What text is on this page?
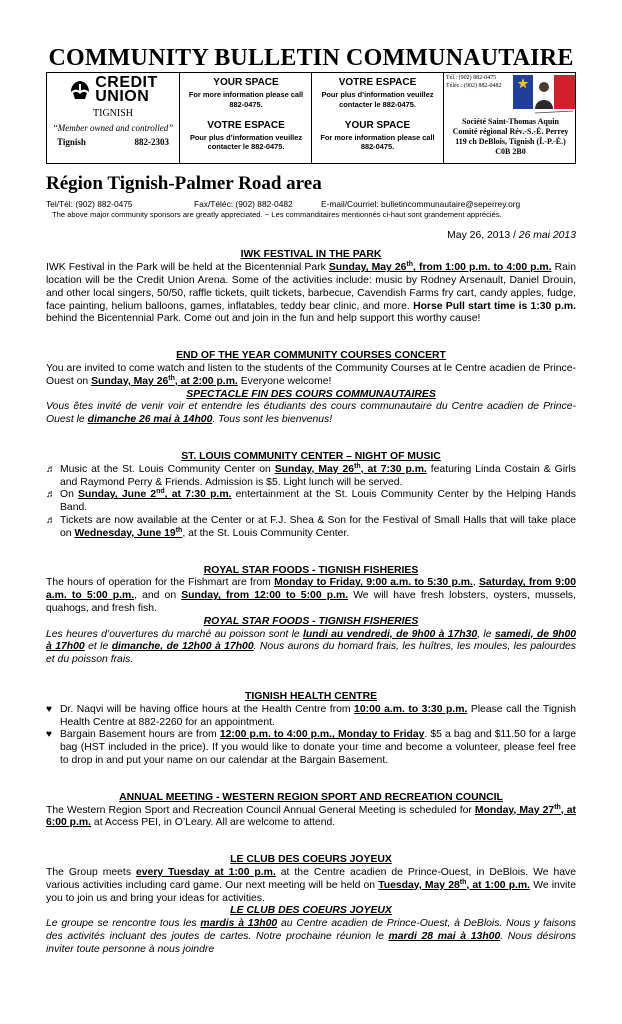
COMMUNITY BULLETIN COMMUNAUTAIRE
CREDIT
UNION
TIGNISH
“Member owned and controlled”
Tignish	882-2303
YOUR SPACE
For more information please call 882-0475.
VOTRE ESPACE
Pour plus d’information veuillez contacter le 882-0475.
VOTRE ESPACE
Pour plus d’information veuillez contacter le 882-0475.
YOUR SPACE
For more information please call 882-0475.
Tél.: (902) 882-0475
Téléc.: (902) 882-0482
Société Saint-Thomas Aquin
Comité régional Rév.-S.-É. Perrey
119 ch DeBlois, Tignish (Î.-P.-É.)
C0B 2B0
Région Tignish-Palmer Road area
Tel/Tél: (902) 882-0475	Fax/Téléc: (902) 882-0482	E-mail/Courriel: bulletincommunautaire@seperrey.org
The above major community sponsors are greatly appreciated. ~ Les commanditaires mentionnés ci-haut sont grandement appréciés.
May 26, 2013 / 26 mai 2013
IWK FESTIVAL IN THE PARK

IWK Festival in the Park will be held at the Bicentennial Park Sunday, May 26th, from 1:00 p.m. to 4:00 p.m. Rain location will be the Credit Union Arena. Some of the activities include: music by Rodney Arsenault, Daniel Drouin, and other local singers, 50/50, raffle tickets, quilt tickets, barbecue, Cavendish Farms fry cart, candy apples, fudge, face painting, helium balloons, games, inflatables, teddy bear clinic, and more. Horse Pull start time is 1:30 p.m. behind the Bicentennial Park. Come out and join in the fun and help support this worthy cause!

END OF THE YEAR COMMUNITY COURSES CONCERT

You are invited to come watch and listen to the students of the Community Courses at le Centre acadien de Prince-Ouest on Sunday, May 26th, at 2:00 p.m. Everyone welcome!

SPECTACLE FIN DES COURS COMMUNAUTAIRES

Vous êtes invité de venir voir et entendre les étudiants des cours communautaire du Centre acadien de Prince-Ouest le dimanche 26 mai à 14h00. Tous sont les bienvenus!

ST. LOUIS COMMUNITY CENTER – NIGHT OF MUSIC
♬ Music at the St. Louis Community Center on Sunday, May 26th, at 7:30 p.m. featuring Linda Costain & Girls and Raymond Perry & Friends. Admission is $5. Light lunch will be served.
♬ On Sunday, June 2nd, at 7:30 p.m. entertainment at the St. Louis Community Center by the Helping Hands Band.
♬ Tickets are now available at the Center or at F.J. Shea & Son for the Festival of Small Halls that will take place on Wednesday, June 19th, at the St. Louis Community Center.
ROYAL STAR FOODS - TIGNISH FISHERIES

The hours of operation for the Fishmart are from Monday to Friday, 9:00 a.m. to 5:30 p.m., Saturday, from 9:00 a.m. to 5:00 p.m., and on Sunday, from 12:00 to 5:00 p.m. We will have fresh lobsters, oysters, mussels, quahogs, and fresh fish.

ROYAL STAR FOODS - TIGNISH FISHERIES

Les heures d’ouvertures du marché au poisson sont le lundi au vendredi, de 9h00 à 17h30, le samedi, de 9h00 à 17h00 et le dimanche, de 12h00 à 17h00. Nous aurons du homard frais, les huîtres, les moules, les palourdes et du poisson frais.

TIGNISH HEALTH CENTRE
♥ Dr. Naqvi will be having office hours at the Health Centre from 10:00 a.m. to 3:30 p.m. Please call the Tignish Health Centre at 882-2260 for an appointment.
♥ Bargain Basement hours are from 12:00 p.m. to 4:00 p.m., Monday to Friday. $5 a bag and $11.50 for a large bag (HST included in the price). If you would like to donate your time and become a volunteer, please feel free to drop in and put your name on our calendar at the Bargain Basement.
ANNUAL MEETING - WESTERN REGION SPORT AND RECREATION COUNCIL

The Western Region Sport and Recreation Council Annual General Meeting is scheduled for Monday, May 27th, at 6:00 p.m. at Access PEI, in O’Leary. All are welcome to attend.

LE CLUB DES COEURS JOYEUX

The Group meets every Tuesday at 1:00 p.m. at the Centre acadien de Prince-Ouest, in DeBlois. We have various activities including card game. Our next meeting will be held on Tuesday, May 28th, at 1:00 p.m. We invite you to join us and bring your ideas for activities.

LE CLUB DES COEURS JOYEUX

Le groupe se rencontre tous les mardis à 13h00 au Centre acadien de Prince-Ouest, à DeBlois. Nous y faisons des activités incluant des joutes de cartes. Notre prochaine réunion le mardi 28 mai à 13h00. Nous désirons inviter toute personne à nous joindre
